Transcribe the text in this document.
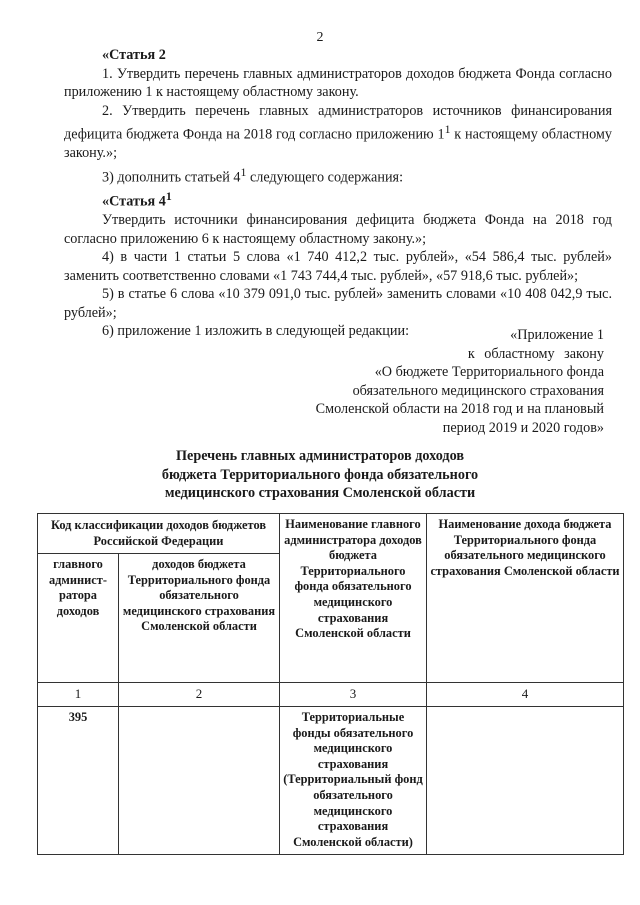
2

«Статья 2

1. Утвердить перечень главных администраторов доходов бюджета Фонда согласно приложению 1 к настоящему областному закону.

2. Утвердить перечень главных администраторов источников финансирования дефицита бюджета Фонда на 2018 год согласно приложению $1^1$ к настоящему областному закону.»;

3) дополнить статьей $4^1$ следующего содержания:

«Статья $4^1$

Утвердить источники финансирования дефицита бюджета Фонда на 2018 год согласно приложению 6 к настоящему областному закону.»;

4) в части 1 статьи 5 слова «1 740 412,2 тыс. рублей», «54 586,4 тыс. рублей» заменить соответственно словами «1 743 744,4 тыс. рублей», «57 918,6 тыс. рублей»;

5) в статье 6 слова «10 379 091,0 тыс. рублей» заменить словами «10 408 042,9 тыс. рублей»;

6) приложение 1 изложить в следующей редакции:	«Приложение 1
к областному закону
«О бюджете Территориального фонда
обязательного медицинского страхования
Смоленской области на 2018 год и на плановый
период 2019 и 2020 годов»
Перечень главных администраторов доходов
бюджета Территориального фонда обязательного
медицинского страхования Смоленской области
Код классификации доходов бюджетов Российской Федерации		Наименование главного администратора доходов бюджета Территориального фонда обязательного медицинского страхования Смоленской области	Наименование дохода бюджета Территориального фонда обязательного медицинского страхования Смоленской области
главного админист-ратора доходов	доходов бюджета Территориального фонда обязательного медицинского страхования Смоленской области		
1	2	3	4
395		Территориальные фонды обязательного медицинского страхования (Территориальный фонд обязательного медицинского страхования Смоленской области)	
